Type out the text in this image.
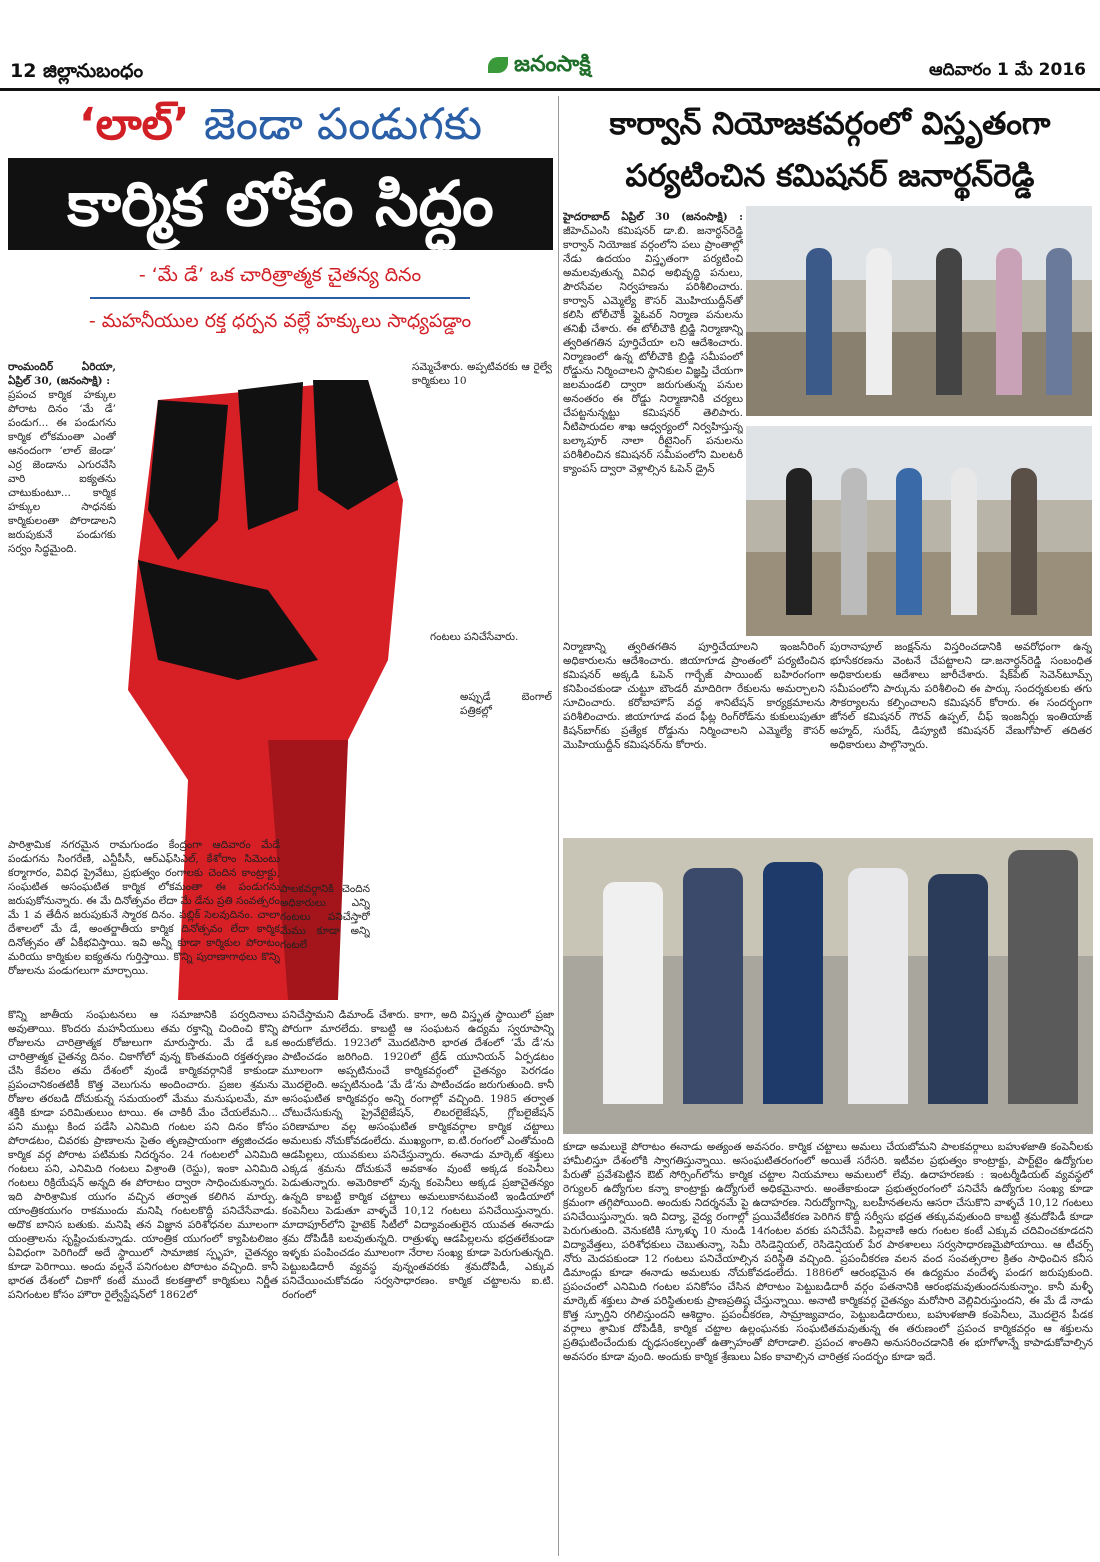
12 జిల్లానుబంధం	జనంసాక్షి	ఆదివారం 1 మే 2016
‘లాల్’ జెండా పండుగకు
కార్మిక లోకం సిద్ధం
- ‘మే డే’ ఒక చారిత్రాత్మక చైతన్య దినం
- మహనీయుల రక్త ధర్పన వల్లే హక్కులు సాధ్యపడ్డాం
రాంమందిర్ ఏరియా, ఏప్రిల్ 30, (జనంసాక్షి) :
ప్రపంచ కార్మిక హక్కుల పోరాట దినం ‘మే డే’ పండుగ... ఈ పండుగను కార్మిక లోకమంతా ఎంతో ఆనందంగా ‘లాల్ జెండా’ ఎర్ర జెండాను ఎగురవేసి వారి ఐక్యతను చాటుకుంటూ... కార్మిక హక్కుల సాధనకు కార్మికులంతా పోరాడాలని జరుపుకునే పండుగకు సర్వం సిద్ధమైంది.
సమ్మెచేశారు. అప్పటివరకు ఆ రైల్వే కార్మికులు 10
గంటలు పనిచేసేవారు.
అప్పుడే బెంగాల్ పత్రికల్లో
పాలకవర్గానికి చెందిన అధికారులు ఎన్ని గంటలు పనిచేస్తారో మేము కూడా అన్ని గంటలే
పారిశ్రామిక నగరమైన రామగుండం కేంద్రంగా ఆదివారం మేడే పండుగను సింగరేణి, ఎన్టీపీసీ, ఆర్‌ఎఫ్‌సిఎల్, కేశోరాం సిమెంటు కర్మాగారం, వివిధ ప్రైవేటు, ప్రభుత్వం రంగాలకు చెందిన కాంట్రాక్టు, సంఘటిత అసంఘటిత కార్మిక లోకమంతా ఈ పండుగను జరుపుకోనున్నారు. ఈ మే దినోత్సవం లేదా మే డేను ప్రతి సంవత్సరం మే 1 వ తేదీన జరుపుకునే స్మారక దినం. పబ్లిక్ సెలవుదినం. చాలా దేశాలలో మే డే, అంతర్జాతీయ కార్మిక దినోత్సవం లేదా కార్మిక దినోత్సవం తో ఏకీభవిస్తాయి. ఇవి అన్నీ కూడా కార్మికుల పోరాటం మరియు కార్మికుల ఐక్యతను గుర్తిస్తాయి. కొన్ని పురాణాగాథలు కొన్ని రోజులను పండుగలుగా మార్చాయి.
కొన్ని జాతీయ సంఘటనలు ఆ సమాజానికి పర్వదినాలు అవుతాయి. కొందరు మహనీయులు తమ రక్తాన్ని చిందించి కొన్ని రోజులను చారిత్రాత్మక రోజులుగా మారుస్తారు. మే డే ఒక చారిత్రాత్మక చైతన్య దినం. చికాగోలో వున్న కొంతమంది రక్తతర్పణం చేసి కేవలం తమ దేశంలో వుండే కార్మికవర్గానికే కాకుండా ప్రపంచానికంతటికీ కొత్త వెలుగును అందించారు. ప్రజల శ్రమను రోజుల తరబడి దోచుకున్న సమయంలో మేము మనుషులమే, మా శక్తికి కూడా పరిమితులుం టాయి. ఈ చాకిరీ మేం చేయలేమని... పని ముట్లు కింద పడేసి ఎనిమిది గంటల పని దినం కోసం పోరాడటం, చివరకు ప్రాణాలను సైతం తృణప్రాయంగా త్యజించడం కార్మిక వర్గ పోరాట పటిమకు నిదర్శనం. 24 గంటలలో ఎనిమిది గంటలు పని, ఎనిమిది గంటలు విశ్రాంతి (రెస్టు), ఇంకా ఎనిమిది గంటలు రిక్రియేషన్ అన్నది ఈ పోరాటం ద్వారా సాధించుకున్నారు. ఇది పారిశ్రామిక యుగం వచ్చిన తర్వాత కలిగిన మార్పు. యాంత్రికయుగం రాకముందు మనిషి గంటలకొద్దీ పనిచేసేవాడు. అదొక బానిస బతుకు. మనిషి తన విజ్ఞాన పరిశోధనల మూలంగా యంత్రాలను సృష్టించుకున్నాడు. యాంత్రిక యుగంలో క్యాపిటలిజం ఏవిధంగా పెరిగిందో అదే స్థాయిలో సామాజిక స్పృహ, చైతన్యం కూడా పెరిగాయి. అందు వల్లనే పనిగంటల పోరాటం వచ్చింది. కానీ భారత దేశంలో చికాగో కంటే ముందే కలకత్తాలో కార్మికులు నిర్ణీత పనిగంటల కోసం హౌరా రైల్వేస్టేషన్‌లో 1862లో
పనిచేస్తామని డిమాండ్ చేశారు. కాగా, అది విస్తృత స్థాయిలో ప్రజా పోరుగా మారలేదు. కాబట్టి ఆ సంఘటన ఉద్యమ స్వరూపాన్ని అందుకోలేదు. 1923లో మొదటిసారి భారత దేశంలో ‘మే డే’ను పాటించడం జరిగింది. 1920లో ట్రేడ్ యూనియన్ ఏర్పడటం మూలంగా అప్పటినుంచే కార్మికవర్గంలో చైతన్యం పెరగడం మొదలైంది. అప్పటినుండి ‘మే డే’ను పాటించడం జరుగుతుంది. కానీ అసంఘటిత కార్మికవర్గం అన్ని రంగాల్లో వచ్చింది. 1985 తర్వాత చోటుచేసుకున్న ప్రైవేటైజేషన్, లిబరలైజేషన్, గ్లోబలైజేషన్ పరిణామాల వల్ల అసంఘటిత కార్మికవర్గాల కార్మిక చట్టాలు అమలుకు నోచుకోవడంలేదు. ముఖ్యంగా, ఐ.టి.రంగంలో ఎంతోమంది ఆడపిల్లలు, యువకులు పనిచేస్తున్నారు. ఈనాడు మార్కెట్ శక్తులు ఎక్కడ శ్రమను దోచుకునే అవకాశం వుంటే అక్కడ కంపెనీలు పెడుతున్నారు. అమెరికాలో వున్న కంపెనీలు అక్కడ ప్రజాచైతన్యం ఉన్నది కాబట్టి కార్మిక చట్టాలు అమలుకానటువంటి ఇండియాలో కంపెనీలు పెడుతూ వాళ్ళచే 10,12 గంటలు పనిచేయిస్తున్నారు. మాదాపూర్‌లోని హైటెక్ సిటీలో విద్యావంతులైన యువత ఈనాడు శ్రమ దోపిడీకి బలవుతున్నది. రాత్రుళ్ళు ఆడపిల్లలను భద్రతలేకుండా ఇళ్ళకు పంపించడం మూలంగా నేరాల సంఖ్య కూడా పెరుగుతున్నది. పెట్టుబడిదారీ వ్యవస్థ వున్నంతవరకు శ్రమదోపిడీ, ఎక్కువ పనిచేయించుకోవడం సర్వసాధారణం. కార్మిక చట్టాలను ఐ.టి. రంగంలో
కార్వాన్ నియోజకవర్గంలో విస్తృతంగా
పర్యటించిన కమిషనర్ జనార్థన్‌రెడ్డి
హైదరాబాద్ ఏప్రిల్ 30 (జనంసాక్షి) : జీహెచ్ఎంసి కమిషనర్ డా.బి. జనార్ధన్‌రెడ్డి కార్వాన్ నియోజక వర్గంలోని పలు ప్రాంతాల్లో నేడు ఉదయం విస్తృతంగా పర్యటించి అమలవుతున్న వివిధ అభివృద్ధి పనులు, పౌరసేవల నిర్వహణను పరిశీలించారు. కార్వాన్ ఎమ్మెల్యే కౌసర్ మొహియుద్దీన్‌తో కలిసి టోలీచౌకీ ఫ్లైఓవర్ నిర్మాణ పనులను తనిఖీ చేశారు. ఈ టోలీచౌకి బ్రిడ్జి నిర్మాణాన్ని త్వరితగతిన పూర్తిచేయా లని ఆదేశించారు. నిర్మాణంలో ఉన్న టోలీచౌకి బ్రిడ్జి సమీపంలో రోడ్డును నిర్మించాలని స్థానికుల విజ్ఞప్తి చేయగా జలమండలి ద్వారా జరుగుతున్న పనుల అనంతరం ఈ రోడ్డు నిర్మాణానికి చర్యలు చేపట్టనున్నట్టు కమిషనర్ తెలిపారు. నీటిపారుదల శాఖ ఆధ్వర్యంలో నిర్వహిస్తున్న బల్కాపూర్ నాలా రీటైనింగ్ పనులను పరిశీలించిన కమిషనర్ సమీపంలోని మిలటరీ క్యాంపస్ ద్వారా వెళ్లాల్సిన ఓపెన్ డ్రైన్
నిర్మాణాన్ని త్వరితగతిన పూర్తిచేయాలని ఇంజనీరింగ్ అధికారులను ఆదేశించారు. జియాగూడ ప్రాంతంలో పర్యటించిన కమిషనర్ అక్కడి ఓపెన్ గార్బేజ్ పాయింట్ బహిరంగంగా కనిపించకుండా చుట్టూ బౌండరీ మాదిరిగా రేకులను అమర్చాలని సూచించారు. కరోబాహౌస్ వద్ద శానిటేషన్ కార్యక్రమాలను పరిశీలించారు. జియాగూడ వంద ఫీట్ల రింగ్‌రోడ్‌ను కుకులుపుతూ కిషన్‌బాగ్‌కు ప్రత్యేక రోడ్డును నిర్మించాలని ఎమ్మెల్యే కౌసర్ మొహియుద్దీన్ కమిషనర్‌ను కోరారు.
పురానాపూల్ జంక్షన్‌ను విస్తరించడానికి అవరోధంగా ఉన్న భూసేకరణను వెంటనే చేపట్టాలని డా.జనార్ధన్‌రెడ్డి సంబంధిత అధికారులకు ఆదేశాలు జారీచేశారు. షేక్‌పేట్ సెవెన్‌టూమ్స్ సమీపంలోని పార్కును పరిశీలించి ఈ పార్కు సందర్శకులకు తగు సౌకర్యాలను కల్పించాలని కమిషనర్ కోరారు. ఈ సందర్భంగా జోనల్ కమిషనర్ గౌరవ్ ఉప్పల్, చీఫ్ ఇంజనీర్లు ఇంతియాజ్ అహ్మద్, సురేష్, డిప్యూటి కమిషనర్ వేణుగోపాల్ తదితర అధికారులు పాల్గొన్నారు.
కూడా అమలుకై పోరాటం ఈనాడు అత్యంత అవసరం. కార్మిక చట్టాలు అమలు చేయబోమని పాలకవర్గాలు బహుళజాతి కంపెనీలకు హామీలిస్తూ దేశంలోకి స్వాగతిస్తున్నాయి. అసంఘటితరంగంలో అయితే సరేసరి. ఇటీవల ప్రభుత్వం కాంట్రాక్టు, పార్ట్‌టైం ఉద్యోగుల పేరుతో ప్రవేశపెట్టిన ఔట్ సోర్సింగ్‌లోను కార్మిక చట్టాల నియమాలు అమలులో లేవు. ఉదాహరణకు : ఇంటర్మీడియట్ వ్యవస్థలో రెగ్యులర్ ఉద్యోగుల కన్నా కాంట్రాక్టు ఉద్యోగులే అధికమైనారు. అంతేకాకుండా ప్రభుత్వరంగంలో పనిచేసే ఉద్యోగుల సంఖ్య కూడా క్రమంగా తగ్గిపోయింది. అందుకు నిదర్శనమే పై ఉదాహరణ. నిరుద్యోగాన్ని, బలహీనతలను ఆసరా చేసుకొని వాళ్ళచే 10,12 గంటలు పనిచేయిస్తున్నారు. ఇది విద్యా, వైద్య రంగాల్లో ప్రయివేటీకరణ పెరిగిన కొద్దీ సర్వీసు భద్రత తక్కువవుతుంది కాబట్టి శ్రమదోపిడీ కూడా పెరుగుతుంది. వెనుకటికి స్కూళ్ళు 10 నుండి 14గంటల వరకు పనిచేసేవి. పిల్లవాణి ఆరు గంటల కంటే ఎక్కువ చదివించకూడదని విద్యావేత్తలు, పరిశోధకులు చెబుతున్నా, సెమీ రెసిడెన్షియల్, రెసిడెన్షియల్ పేర పాఠశాలలు సర్వసాధారణమైపోయాయి. ఆ టీచర్స్ నోరు మెదపకుండా 12 గంటలు పనిచేయాల్సిన పరిస్థితి వచ్చింది. ప్రపంచీకరణ వలన వంద సంవత్సరాల క్రితం సాధించిన కనీస డిమాండ్లు కూడా ఈనాడు అమలుకు నోచుకోవడంలేదు. 1886లో ఆరంభమైన ఈ ఉద్యమం వందేళ్ళ పండగ జరుపుకుంది. ప్రపంచంలో ఎనిమిది గంటల పనికోసం చేసిన పోరాటం పెట్టుబడిదారీ వర్గం పతనానికి ఆరంభమవుతుందనుకున్నాం. కానీ మళ్ళీ మార్కెట్ శక్తులు పాత పరిస్థితులకు ప్రాణప్రతిష్ఠ చేస్తున్నాయి. అనాటి కార్మికవర్గ చైతన్యం మరోసారి వెల్లివిరుస్తుందని, ఈ మే డే నాడు కొత్త స్ఫూర్తిని రగిలిస్తుందని ఆశిద్దాం. ప్రపంచీకరణ, సామ్రాజ్యవాదం, పెట్టుబడిదారులు, బహుళజాతి కంపెనీలు, మొదలైన పీడక వర్గాలు శ్రామిక దోపిడీకి, కార్మిక చట్టాల ఉల్లంఘనకు సంఘటితమవుతున్న ఈ తరుణంలో ప్రపంచ కార్మికవర్గం ఆ శక్తులను ప్రతిఘటించేందుకు దృఢసంకల్పంతో ఉత్సాహంతో పోరాడాలి. ప్రపంచ శాంతిని అనుసరించడానికి ఈ భూగోళాన్నే కాపాడుకోవాల్సిన అవసరం కూడా వుంది. అందుకు కార్మిక శ్రేణులు ఏకం కావాల్సిన చారిత్రక సందర్భం కూడా ఇదే.
